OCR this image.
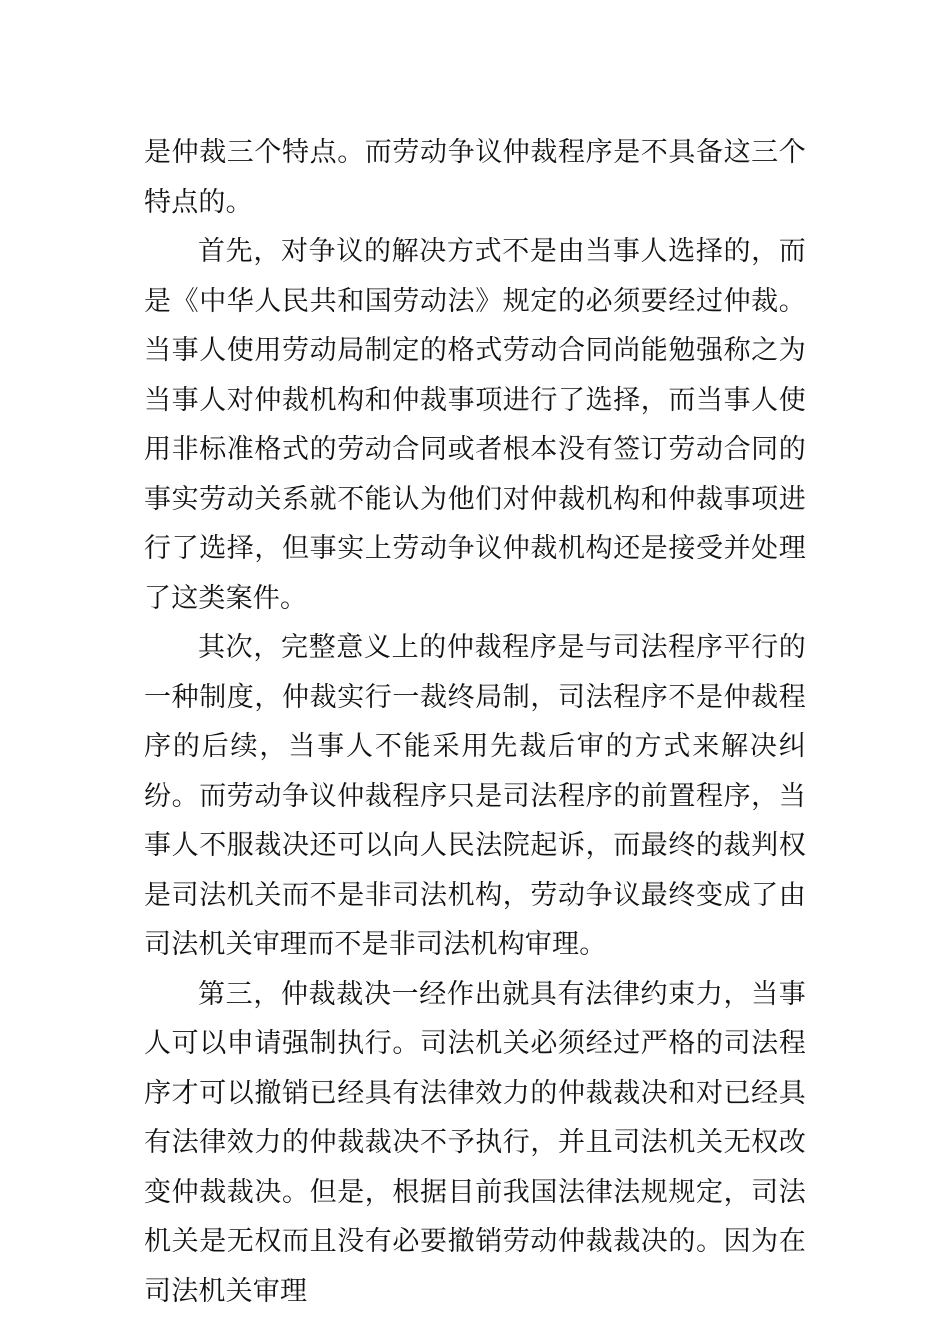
是仲裁三个特点。而劳动争议仲裁程序是不具备这三个特点的。

首先，对争议的解决方式不是由当事人选择的，而是《中华人民共和国劳动法》规定的必须要经过仲裁。当事人使用劳动局制定的格式劳动合同尚能勉强称之为当事人对仲裁机构和仲裁事项进行了选择，而当事人使用非标准格式的劳动合同或者根本没有签订劳动合同的事实劳动关系就不能认为他们对仲裁机构和仲裁事项进行了选择，但事实上劳动争议仲裁机构还是接受并处理了这类案件。

其次，完整意义上的仲裁程序是与司法程序平行的一种制度，仲裁实行一裁终局制，司法程序不是仲裁程序的后续，当事人不能采用先裁后审的方式来解决纠纷。而劳动争议仲裁程序只是司法程序的前置程序，当事人不服裁决还可以向人民法院起诉，而最终的裁判权是司法机关而不是非司法机构，劳动争议最终变成了由司法机关审理而不是非司法机构审理。

第三，仲裁裁决一经作出就具有法律约束力，当事人可以申请强制执行。司法机关必须经过严格的司法程序才可以撤销已经具有法律效力的仲裁裁决和对已经具有法律效力的仲裁裁决不予执行，并且司法机关无权改变仲裁裁决。但是，根据目前我国法律法规规定，司法机关是无权而且没有必要撤销劳动仲裁裁决的。因为在司法机关审理
